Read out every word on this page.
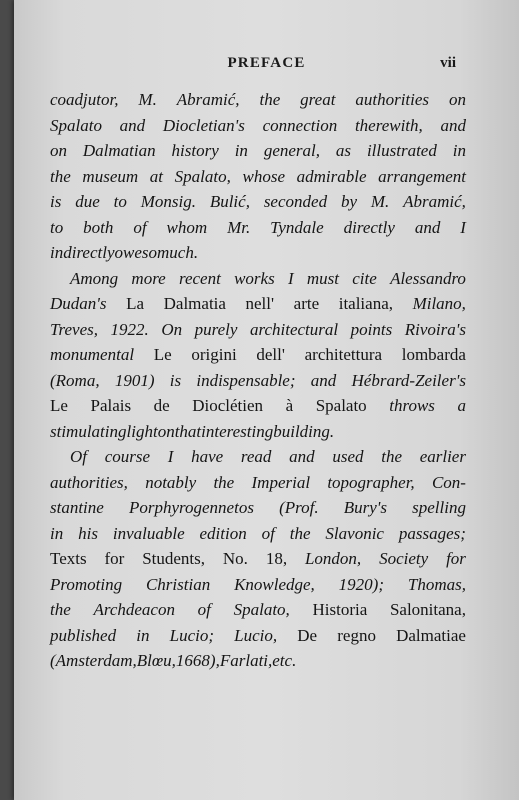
PREFACE	vii
coadjutor, M. Abramić, the great authorities on
Spalato and Diocletian's connection therewith, and
on Dalmatian history in general, as illustrated in
the museum at Spalato, whose admirable arrangement
is due to Monsig. Bulić, seconded by M. Abramić,
to both of whom Mr. Tyndale directly and I
indirectly owe so much.
Among more recent works I must cite Alessandro
Dudan's La Dalmatia nell' arte italiana, Milano,
Treves, 1922. On purely architectural points Rivoira's
monumental Le origini dell' architettura lombarda
(Roma, 1901) is indispensable; and Hébrard-Zeiler's
Le Palais de Dioclétien à Spalato throws a
stimulating light on that interesting building.
Of course I have read and used the earlier
authorities, notably the Imperial topographer, Con-
stantine Porphyrogennetos (Prof. Bury's spelling
in his invaluable edition of the Slavonic passages;
Texts for Students, No. 18, London, Society for
Promoting Christian Knowledge, 1920); Thomas,
the Archdeacon of Spalato, Historia Salonitana,
published in Lucio; Lucio, De regno Dalmatiae
(Amsterdam, Blœu, 1668), Farlati, etc.
